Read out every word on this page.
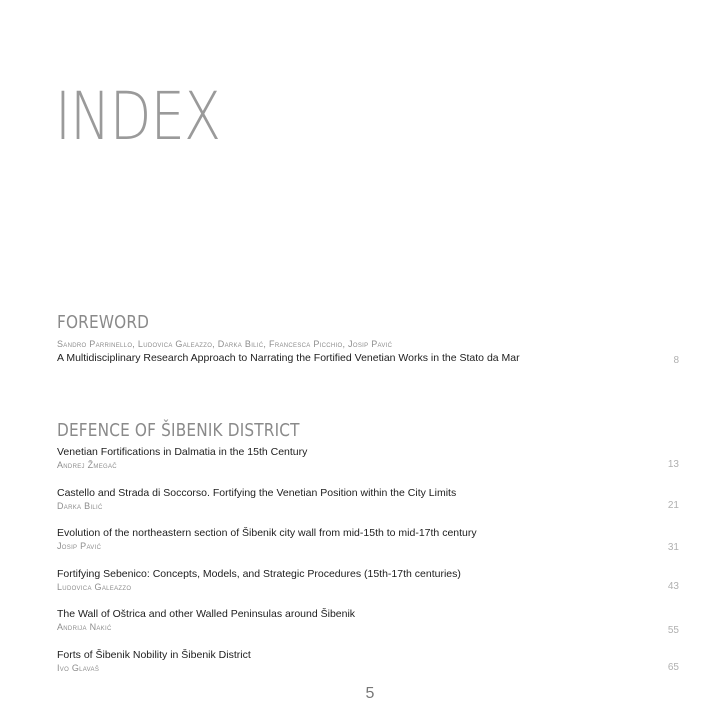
INDEX
FOREWORD
Sandro Parrinello, Ludovica Galeazzo, Darka Bilić, Francesca Picchio, Josip Pavić
A Multidisciplinary Research Approach to Narrating the Fortified Venetian Works in the Stato da Mar	8
DEFENCE OF ŠIBENIK DISTRICT
Venetian Fortifications in Dalmatia in the 15th Century
Andrej Žmegač	13
Castello and Strada di Soccorso. Fortifying the Venetian Position within the City Limits
Darka Bilić	21
Evolution of the northeastern section of Šibenik city wall from mid-15th to mid-17th century
Josip Pavić	31
Fortifying Sebenico: Concepts, Models, and Strategic Procedures (15th-17th centuries)
Ludovica Galeazzo	43
The Wall of Oštrica and other Walled Peninsulas around Šibenik
Andrija Nakić	55
Forts of Šibenik Nobility in Šibenik District
Ivo Glavaš	65
5
